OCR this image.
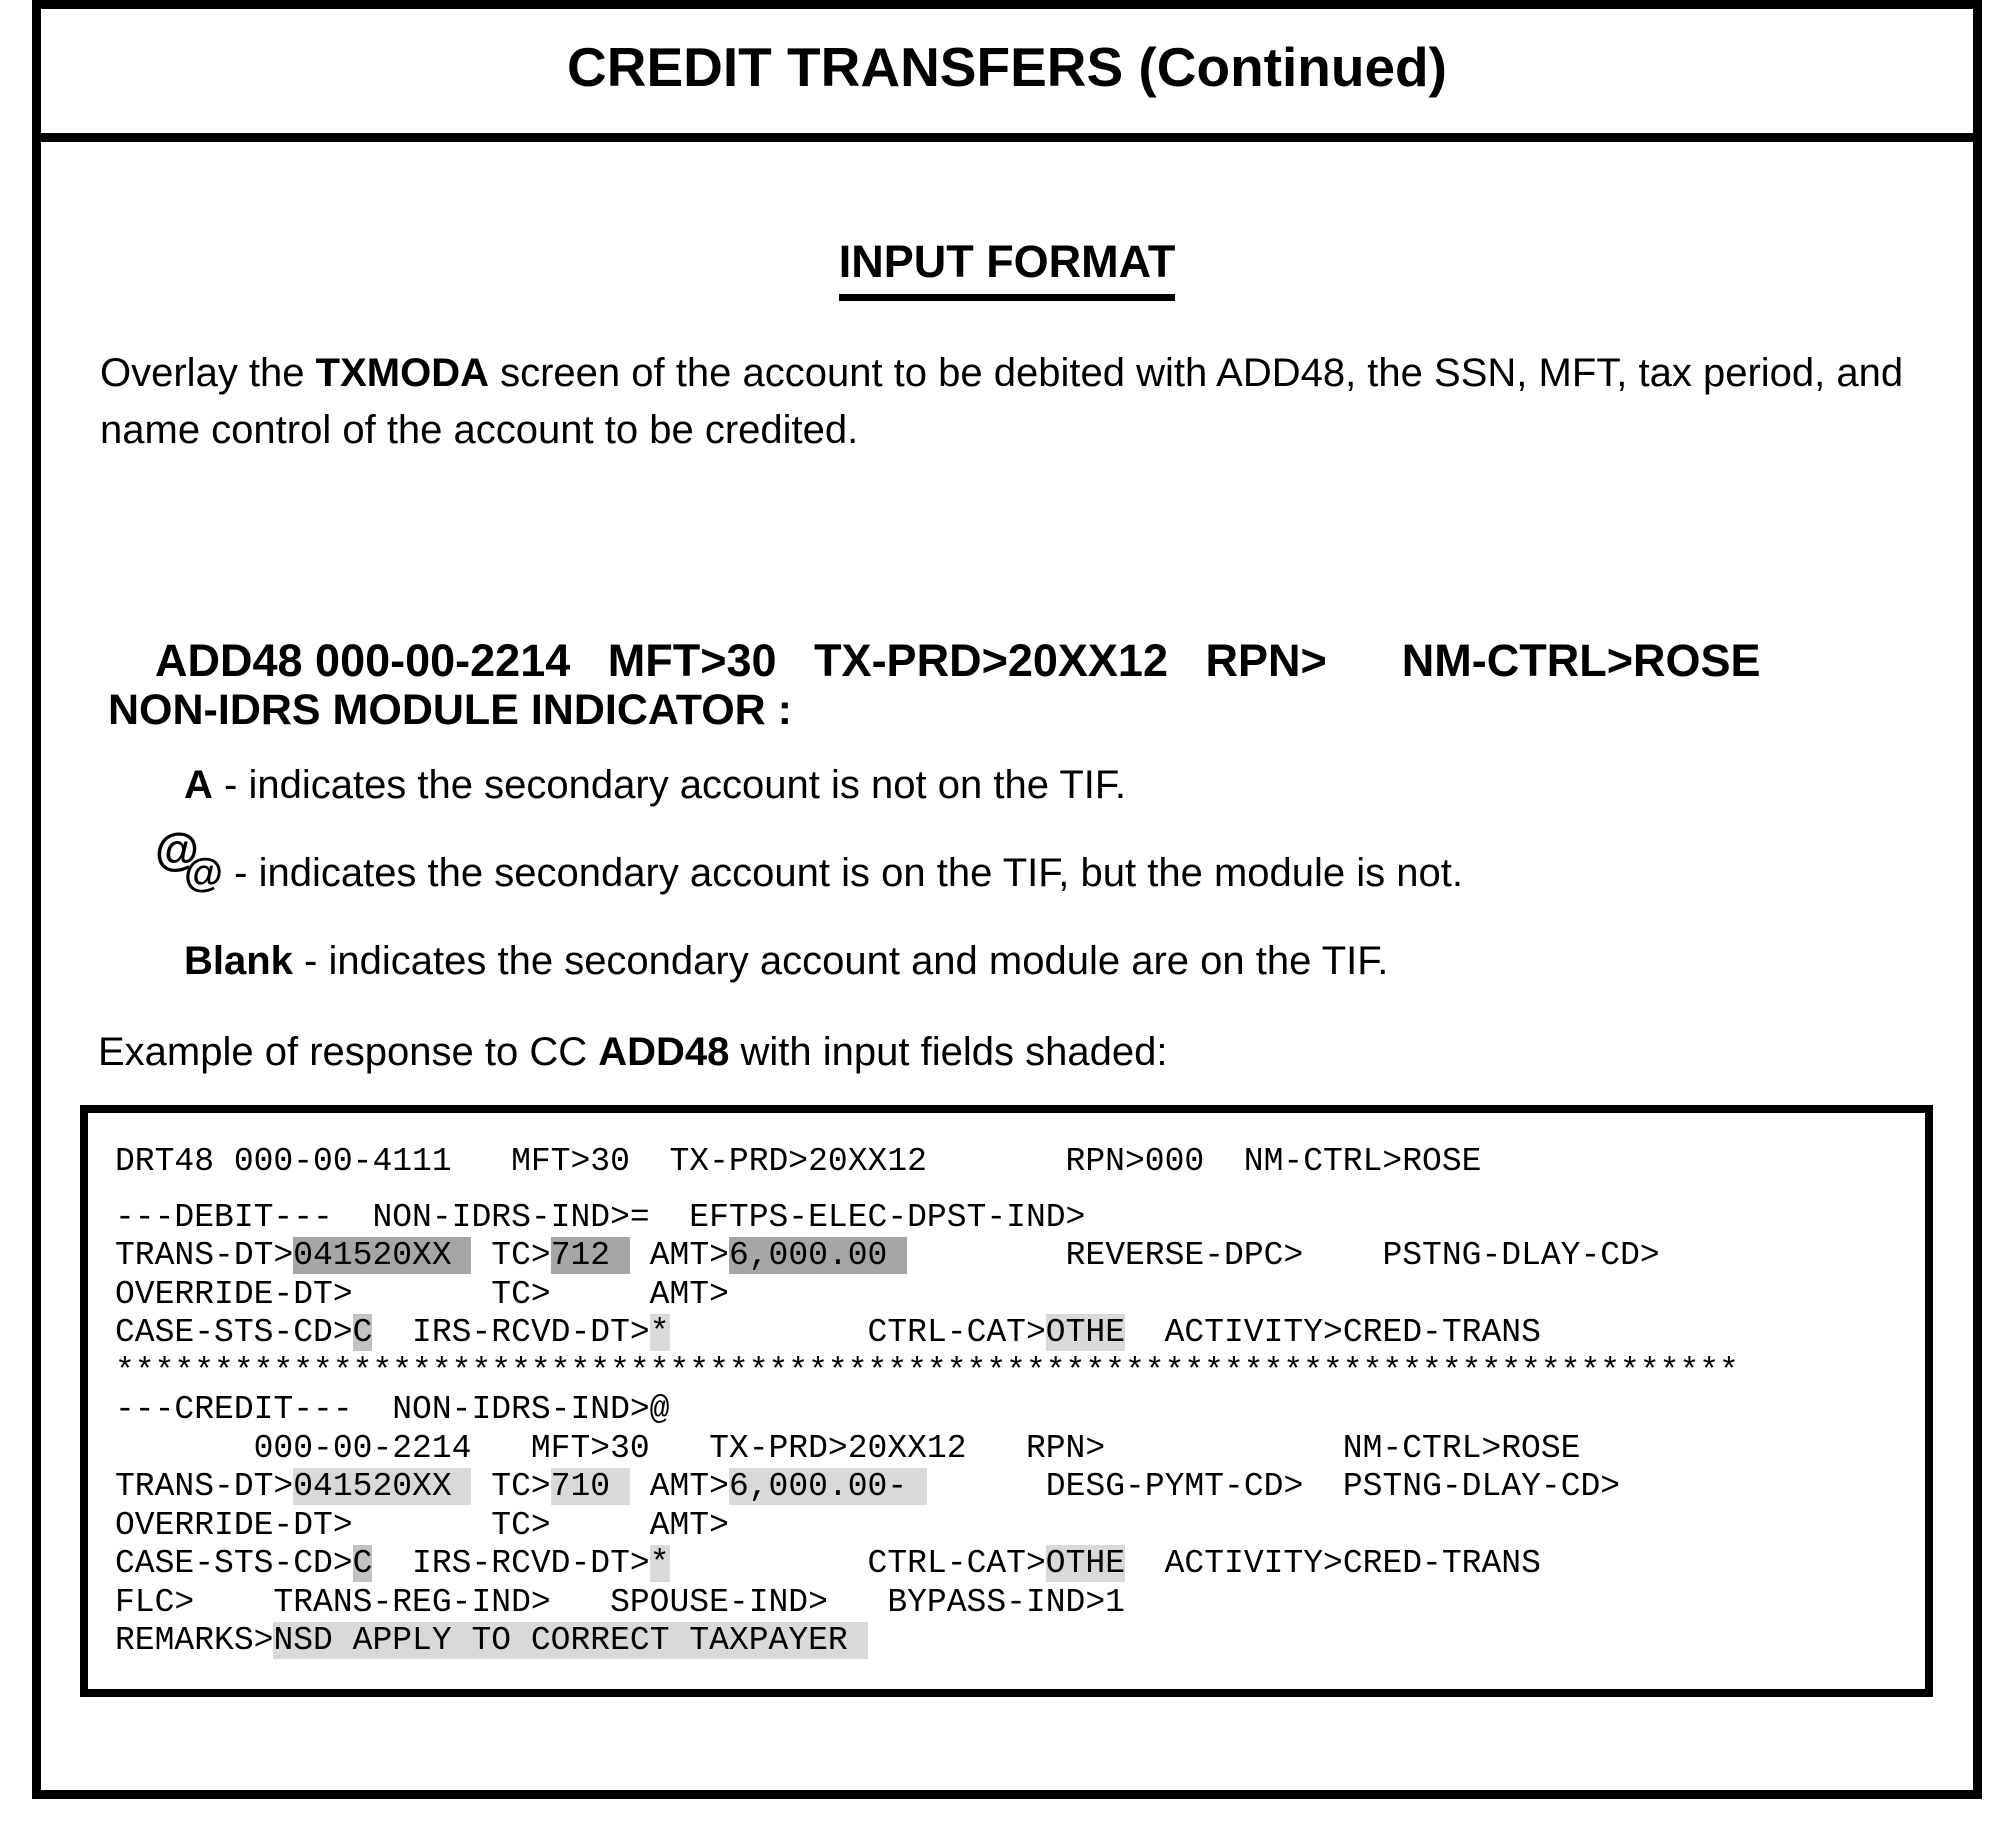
CREDIT TRANSFERS (Continued)
INPUT FORMAT
Overlay the TXMODA screen of the account to be debited with ADD48, the SSN, MFT, tax period, and name control of the account to be credited.

ADD48 000-00-2214   MFT>30   TX-PRD>20XX12   RPN>      NM-CTRL>ROSE

@

NON-IDRS MODULE INDICATOR :
A - indicates the secondary account is not on the TIF.
@ - indicates the secondary account is on the TIF, but the module is not.
Blank - indicates the secondary account and module are on the TIF.
Example of response to CC ADD48 with input fields shaded:
DRT48 000-00-4111   MFT>30  TX-PRD>20XX12       RPN>000  NM-CTRL>ROSE
---DEBIT---  NON-IDRS-IND>=  EFTPS-ELEC-DPST-IND>
TRANS-DT>041520XX  TC>712  AMT>6,000.00         REVERSE-DPC>    PSTNG-DLAY-CD>
OVERRIDE-DT>       TC>     AMT>
CASE-STS-CD>C  IRS-RCVD-DT>*          CTRL-CAT>OTHE  ACTIVITY>CRED-TRANS
**********************************************************************************
---CREDIT---  NON-IDRS-IND>@
000-00-2214   MFT>30   TX-PRD>20XX12   RPN>            NM-CTRL>ROSE
TRANS-DT>041520XX  TC>710  AMT>6,000.00-       DESG-PYMT-CD>  PSTNG-DLAY-CD>
OVERRIDE-DT>       TC>     AMT>
CASE-STS-CD>C  IRS-RCVD-DT>*          CTRL-CAT>OTHE  ACTIVITY>CRED-TRANS
FLC>    TRANS-REG-IND>   SPOUSE-IND>   BYPASS-IND>1
REMARKS>NSD APPLY TO CORRECT TAXPAYER
